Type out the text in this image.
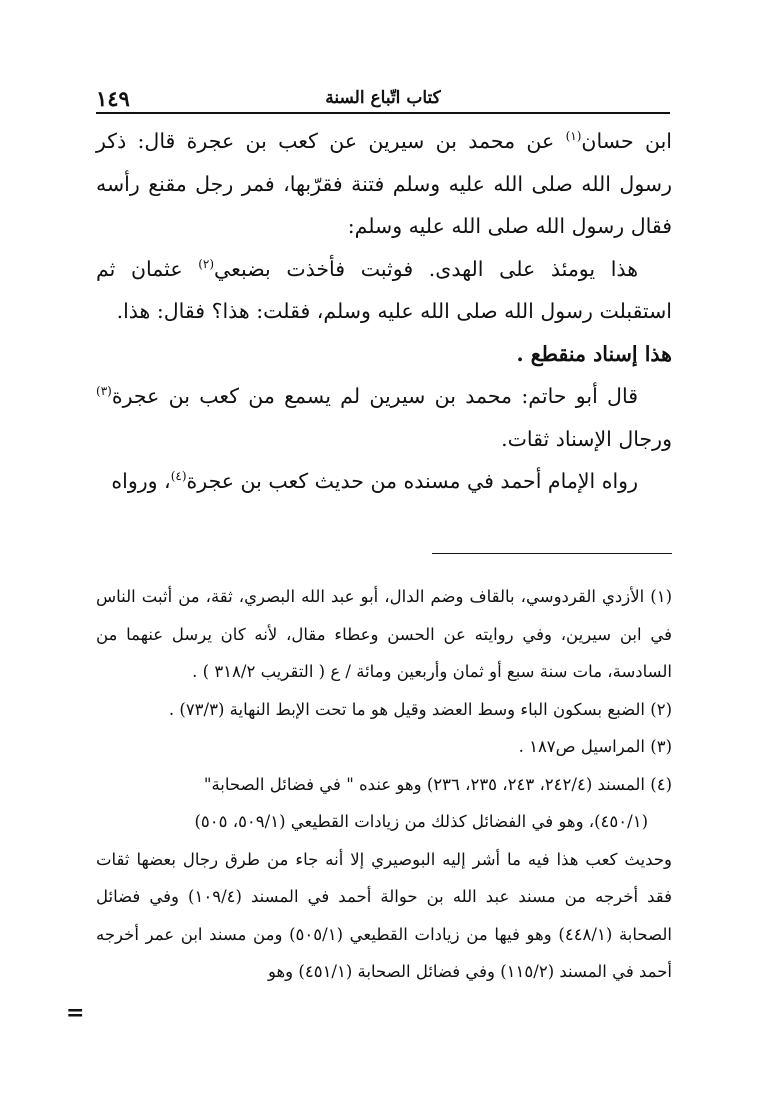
١٤٩	كتاب اتّباع السنة

ابن حسان$^{(١)}$ عن محمد بن سيرين عن كعب بن عجرة قال: ذكر رسول الله صلى الله عليه وسلم فتنة فقرّبها، فمر رجل مقنع رأسه فقال رسول الله صلى الله عليه وسلم:

هذا يومئذ على الهدى. فوثبت فأخذت بضبعي$^{(٢)}$ عثمان ثم استقبلت رسول الله صلى الله عليه وسلم، فقلت: هذا؟ فقال: هذا.

هذا إسناد منقطع .

قال أبو حاتم: محمد بن سيرين لم يسمع من كعب بن عجرة$^{(٣)}$ ورجال الإسناد ثقات.

رواه الإمام أحمد في مسنده من حديث كعب بن عجرة$^{(٤)}$، ورواه

(١) الأزدي القردوسي، بالقاف وضم الدال، أبو عبد الله البصري، ثقة، من أثبت الناس في ابن سيرين، وفي روايته عن الحسن وعطاء مقال، لأنه كان يرسل عنهما من السادسة، مات سنة سبع أو ثمان وأربعين ومائة / ع ( التقريب ٣١٨/٢ ) .

(٢) الضبع بسكون الباء وسط العضد وقيل هو ما تحت الإبط النهاية (٧٣/٣) .

(٣) المراسيل ص١٨٧ .

(٤) المسند (٢٤٢/٤، ٢٤٣، ٢٣٥، ٢٣٦) وهو عنده " في فضائل الصحابة"

(٤٥٠/١)، وهو في الفضائل كذلك من زيادات القطيعي (٥٠٩/١، ٥٠٥)

وحديث كعب هذا فيه ما أشر إليه البوصيري إلا أنه جاء من طرق رجال بعضها ثقات فقد أخرجه من مسند عبد الله بن حوالة أحمد في المسند (١٠٩/٤) وفي فضائل الصحابة (٤٤٨/١) وهو فيها من زيادات القطيعي (٥٠٥/١) ومن مسند ابن عمر أخرجه أحمد في المسند (١١٥/٢) وفي فضائل الصحابة (٤٥١/١) وهو

=
